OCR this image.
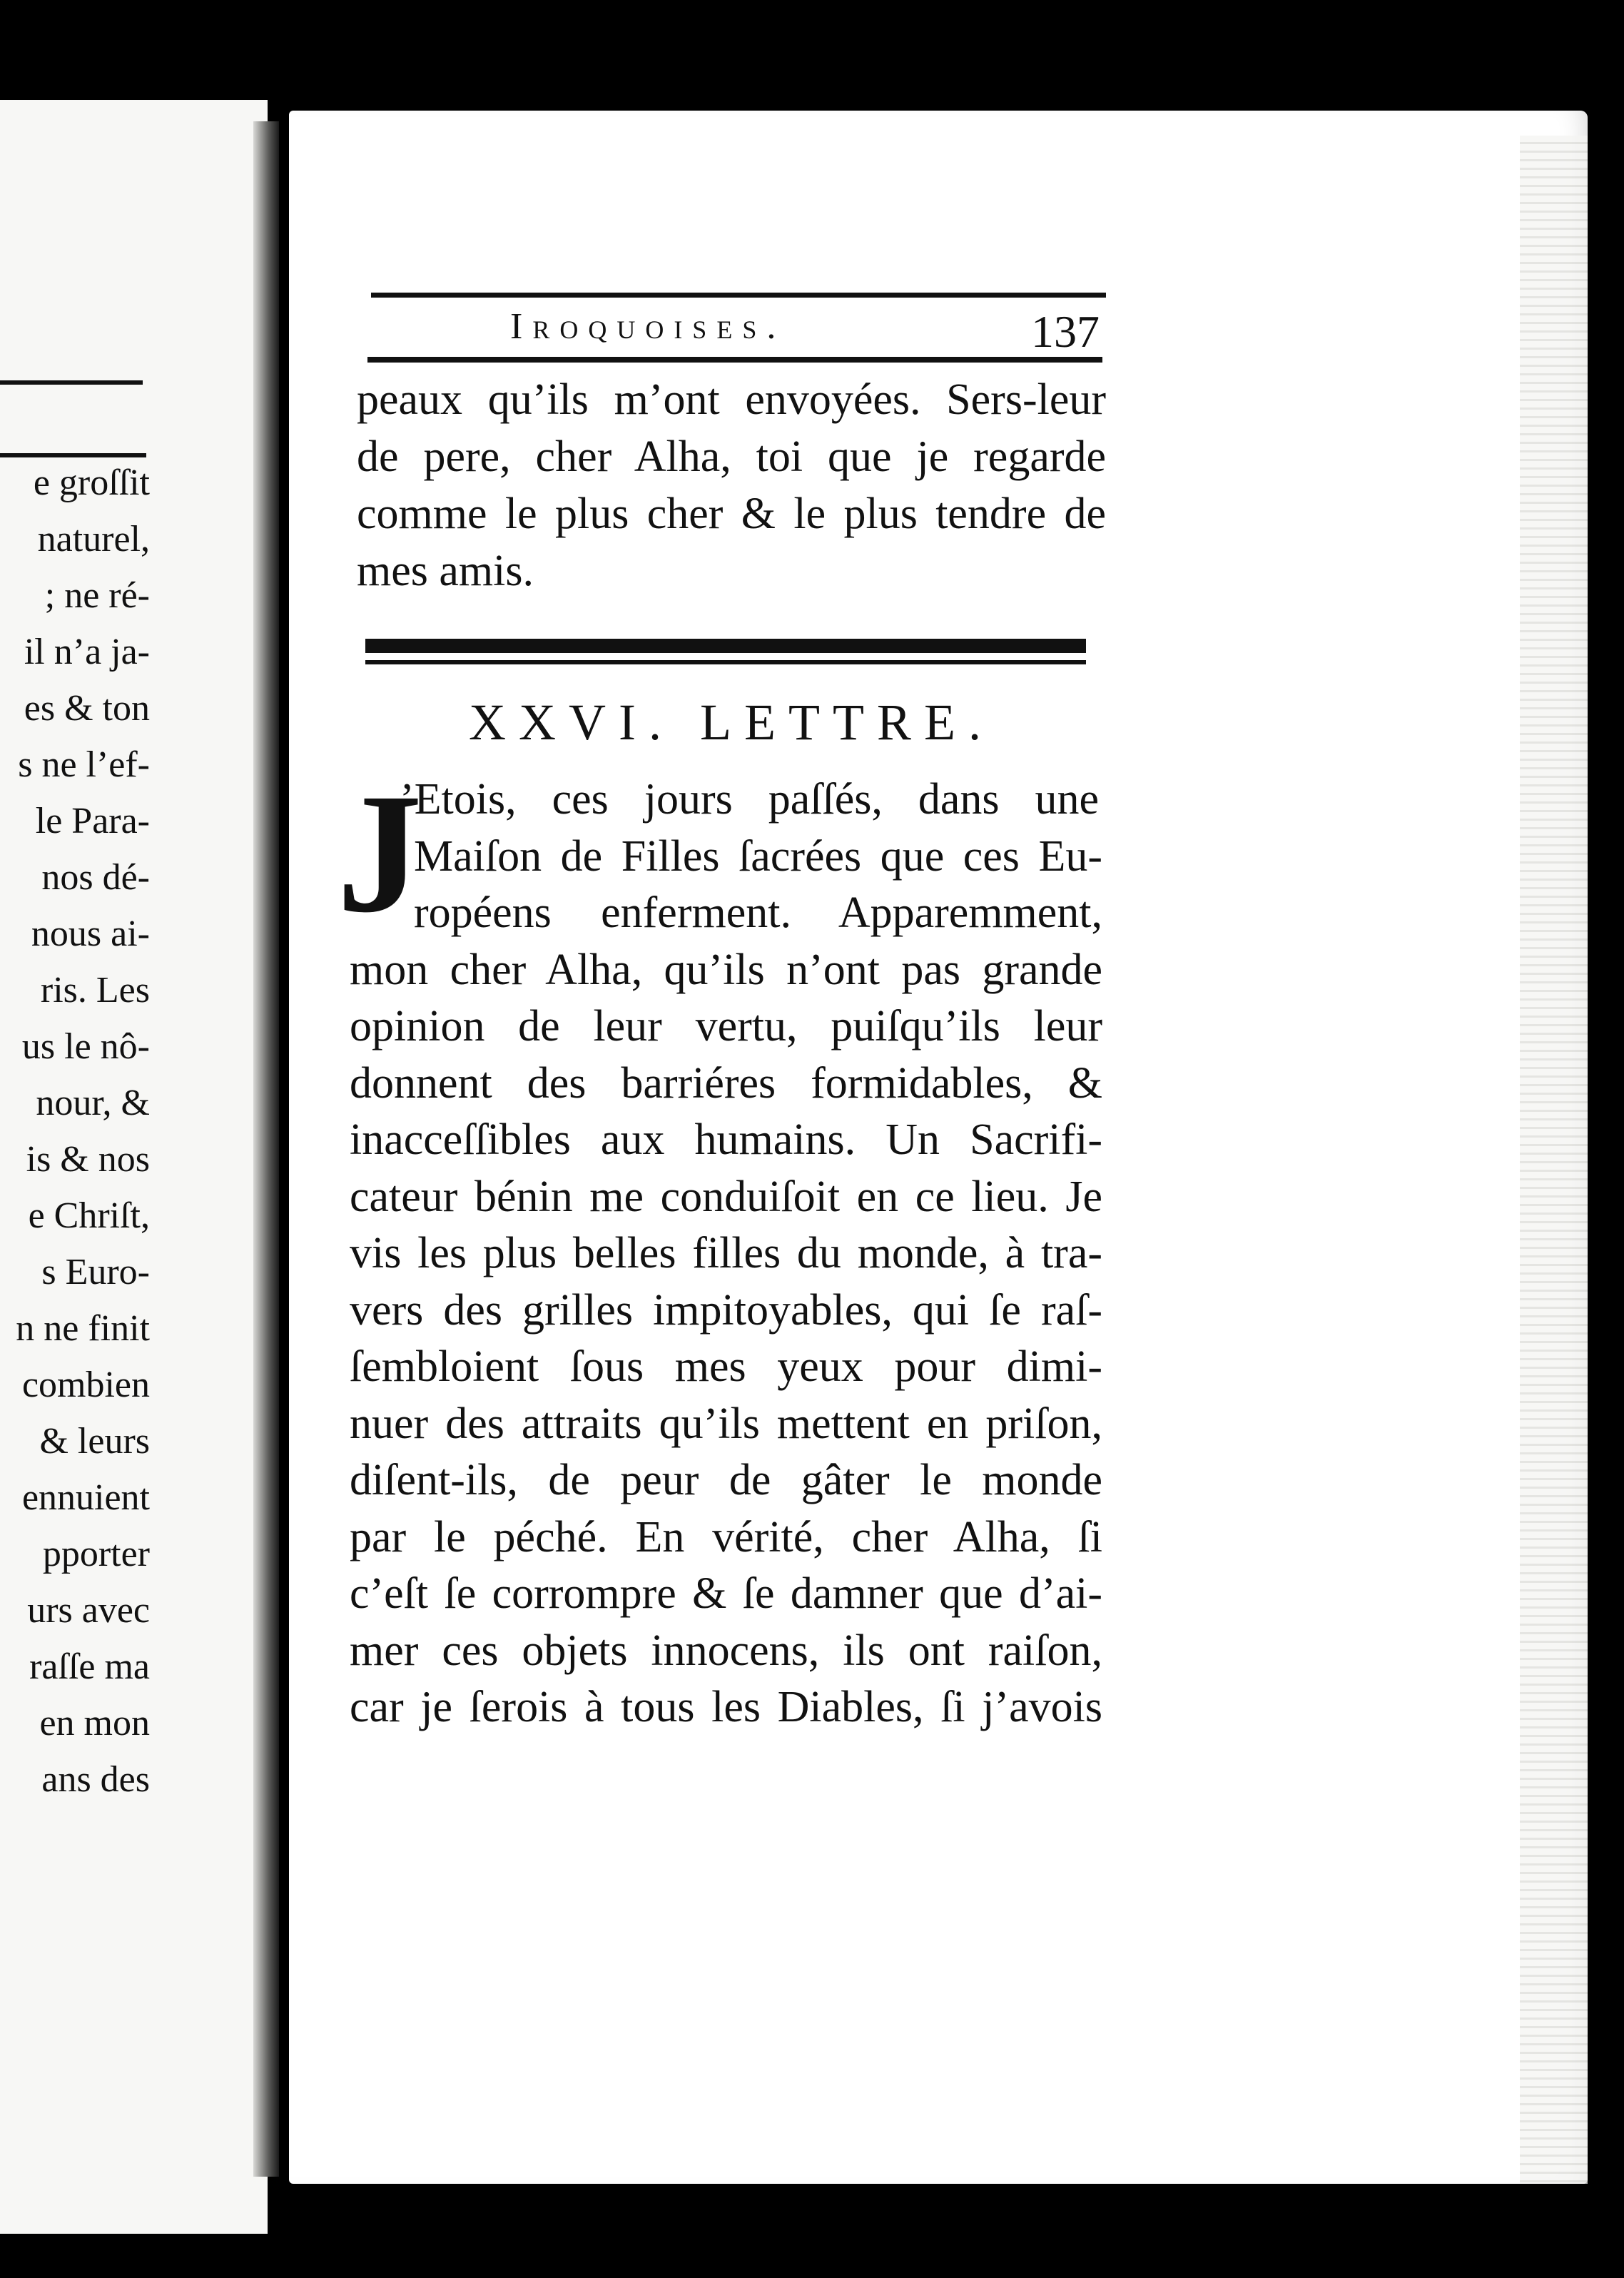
e groſſit
naturel,
; ne ré-
il n’a ja-
es & ton
s ne l’ef-
le Para-
nos dé-
nous ai-
ris. Les
us le nô-
nour, &
is & nos
e Chriſt,
s Euro-
n ne finit
combien
& leurs
ennuient
pporter
urs avec
raſſe ma
en mon
ans des
Iroquoises.	137
peaux qu’ils m’ont envoyées. Sers-leur
de pere, cher Alha, toi que je regarde
comme le plus cher & le plus tendre de
mes amis.
XXVI. LETTRE.
J
’Etois, ces jours paſſés, dans une
Maiſon de Filles ſacrées que ces Eu-
ropéens enferment. Apparemment,
mon cher Alha, qu’ils n’ont pas grande
opinion de leur vertu, puiſqu’ils leur
donnent des barriéres formidables, &
inacceſſibles aux humains. Un Sacrifi-
cateur bénin me conduiſoit en ce lieu. Je
vis les plus belles filles du monde, à tra-
vers des grilles impitoyables, qui ſe raſ-
ſembloient ſous mes yeux pour dimi-
nuer des attraits qu’ils mettent en priſon,
diſent-ils, de peur de gâter le monde
par le péché. En vérité, cher Alha, ſi
c’eſt ſe corrompre & ſe damner que d’ai-
mer ces objets innocens, ils ont raiſon,
car je ſerois à tous les Diables, ſi j’avois
